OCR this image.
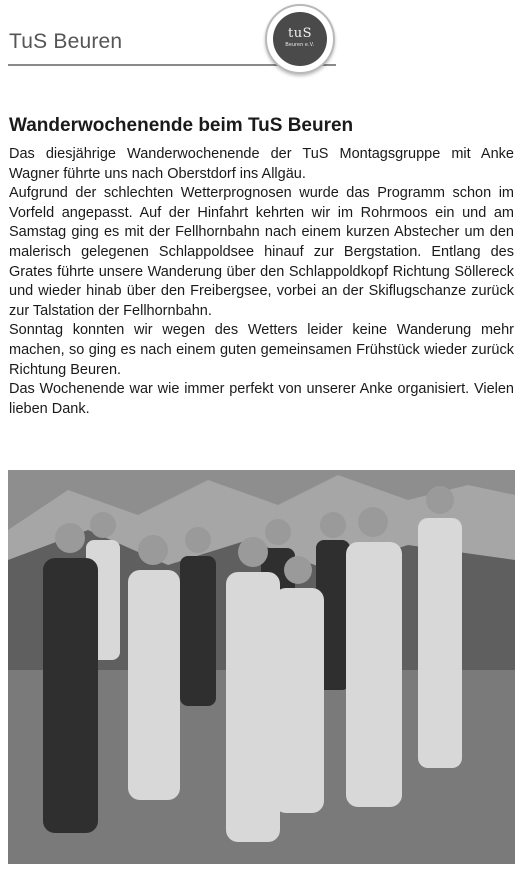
TuS Beuren	tuS
Beuren e.V.
Wanderwochenende beim TuS Beuren

Das diesjährige Wanderwochenende der TuS Montagsgruppe mit Anke Wagner führte uns nach Oberstdorf ins Allgäu.

Aufgrund der schlechten Wetterprognosen wurde das Programm schon im Vorfeld angepasst. Auf der Hinfahrt kehrten wir im Rohrmoos ein und am Samstag ging es mit der Fellhornbahn nach einem kurzen Abstecher um den malerisch gelegenen Schlappoldsee hinauf zur Bergstation. Entlang des Grates führte unsere Wanderung über den Schlappoldkopf Richtung Söllereck und wieder hinab über den Freibergsee, vorbei an der Skiflugschanze zurück zur Talstation der Fellhornbahn.

Sonntag konnten wir wegen des Wetters leider keine Wanderung mehr machen, so ging es nach einem guten gemeinsamen Frühstück wieder zurück Richtung Beuren.

Das Wochenende war wie immer perfekt von unserer Anke organisiert. Vielen lieben Dank.
